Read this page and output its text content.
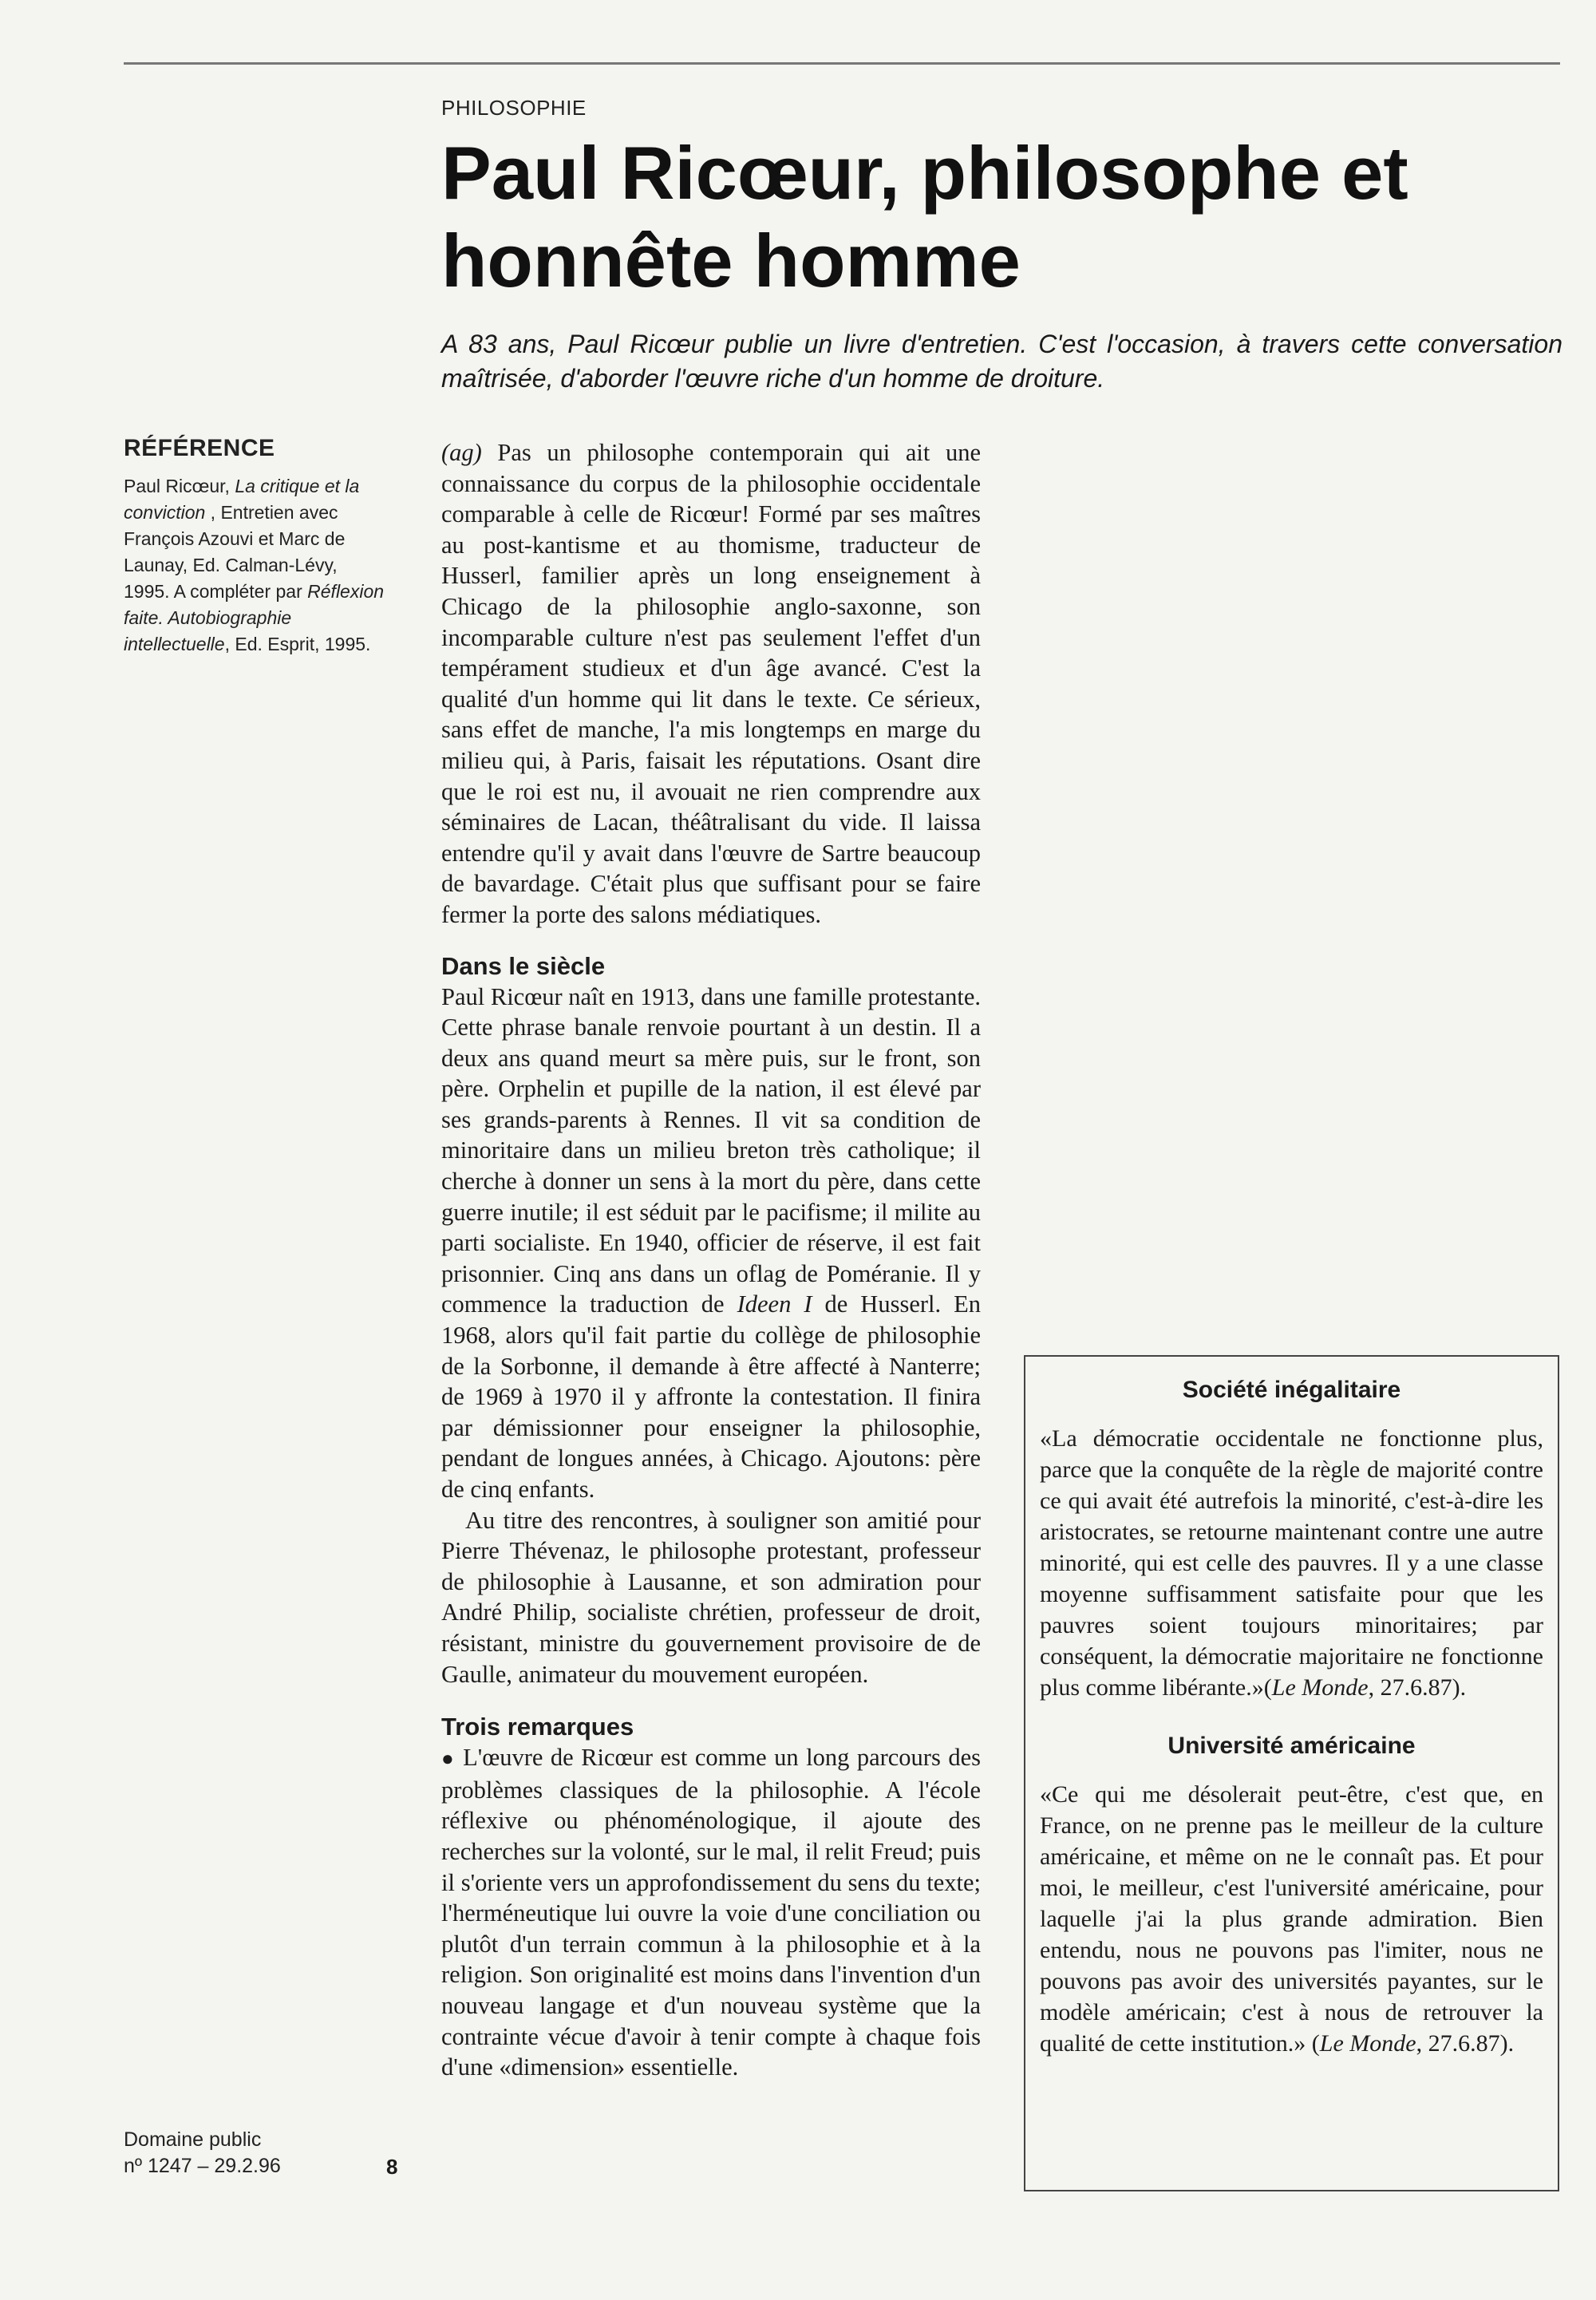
PHILOSOPHIE
Paul Ricœur, philosophe et honnête homme
A 83 ans, Paul Ricœur publie un livre d'entretien. C'est l'occasion, à travers cette conversation maîtrisée, d'aborder l'œuvre riche d'un homme de droiture.
RÉFÉRENCE
Paul Ricœur, La critique et la conviction , Entretien avec François Azouvi et Marc de Launay, Ed. Calman-Lévy, 1995. A compléter par Réflexion faite. Autobiographie intellectuelle, Ed. Esprit, 1995.
Domaine public
nº 1247 – 29.2.96	8

(ag) Pas un philosophe contemporain qui ait une connaissance du corpus de la philosophie occidentale comparable à celle de Ricœur! Formé par ses maîtres au post-kantisme et au thomisme, traducteur de Husserl, familier après un long enseignement à Chicago de la philosophie anglo-saxonne, son incomparable culture n'est pas seulement l'effet d'un tempérament studieux et d'un âge avancé. C'est la qualité d'un homme qui lit dans le texte. Ce sérieux, sans effet de manche, l'a mis longtemps en marge du milieu qui, à Paris, faisait les réputations. Osant dire que le roi est nu, il avouait ne rien comprendre aux séminaires de Lacan, théâtralisant du vide. Il laissa entendre qu'il y avait dans l'œuvre de Sartre beaucoup de bavardage. C'était plus que suffisant pour se faire fermer la porte des salons médiatiques.

Dans le siècle

Paul Ricœur naît en 1913, dans une famille protestante. Cette phrase banale renvoie pourtant à un destin. Il a deux ans quand meurt sa mère puis, sur le front, son père. Orphelin et pupille de la nation, il est élevé par ses grands-parents à Rennes. Il vit sa condition de minoritaire dans un milieu breton très catholique; il cherche à donner un sens à la mort du père, dans cette guerre inutile; il est séduit par le pacifisme; il milite au parti socialiste. En 1940, officier de réserve, il est fait prisonnier. Cinq ans dans un oflag de Poméranie. Il y commence la traduction de Ideen I de Husserl. En 1968, alors qu'il fait partie du collège de philosophie de la Sorbonne, il demande à être affecté à Nanterre; de 1969 à 1970 il y affronte la contestation. Il finira par démissionner pour enseigner la philosophie, pendant de longues années, à Chicago. Ajoutons: père de cinq enfants.

Au titre des rencontres, à souligner son amitié pour Pierre Thévenaz, le philosophe protestant, professeur de philosophie à Lausanne, et son admiration pour André Philip, socialiste chrétien, professeur de droit, résistant, ministre du gouvernement provisoire de de Gaulle, animateur du mouvement européen.

Trois remarques

● L'œuvre de Ricœur est comme un long parcours des problèmes classiques de la philosophie. A l'école réflexive ou phénoménologique, il ajoute des recherches sur la volonté, sur le mal, il relit Freud; puis il s'oriente vers un approfondissement du sens du texte; l'herméneutique lui ouvre la voie d'une conciliation ou plutôt d'un terrain commun à la philosophie et à la religion. Son originalité est moins dans l'invention d'un nouveau langage et d'un nouveau système que la contrainte vécue d'avoir à tenir compte à chaque fois d'une «dimension» essentielle.

Société inégalitaire

«La démocratie occidentale ne fonctionne plus, parce que la conquête de la règle de majorité contre ce qui avait été autrefois la minorité, c'est-à-dire les aristocrates, se retourne maintenant contre une autre minorité, qui est celle des pauvres. Il y a une classe moyenne suffisamment satisfaite pour que les pauvres soient toujours minoritaires; par conséquent, la démocratie majoritaire ne fonctionne plus comme libérante.»(Le Monde, 27.6.87).

Université américaine

«Ce qui me désolerait peut-être, c'est que, en France, on ne prenne pas le meilleur de la culture américaine, et même on ne le connaît pas. Et pour moi, le meilleur, c'est l'université américaine, pour laquelle j'ai la plus grande admiration. Bien entendu, nous ne pouvons pas l'imiter, nous ne pouvons pas avoir des universités payantes, sur le modèle américain; c'est à nous de retrouver la qualité de cette institution.» (Le Monde, 27.6.87).
